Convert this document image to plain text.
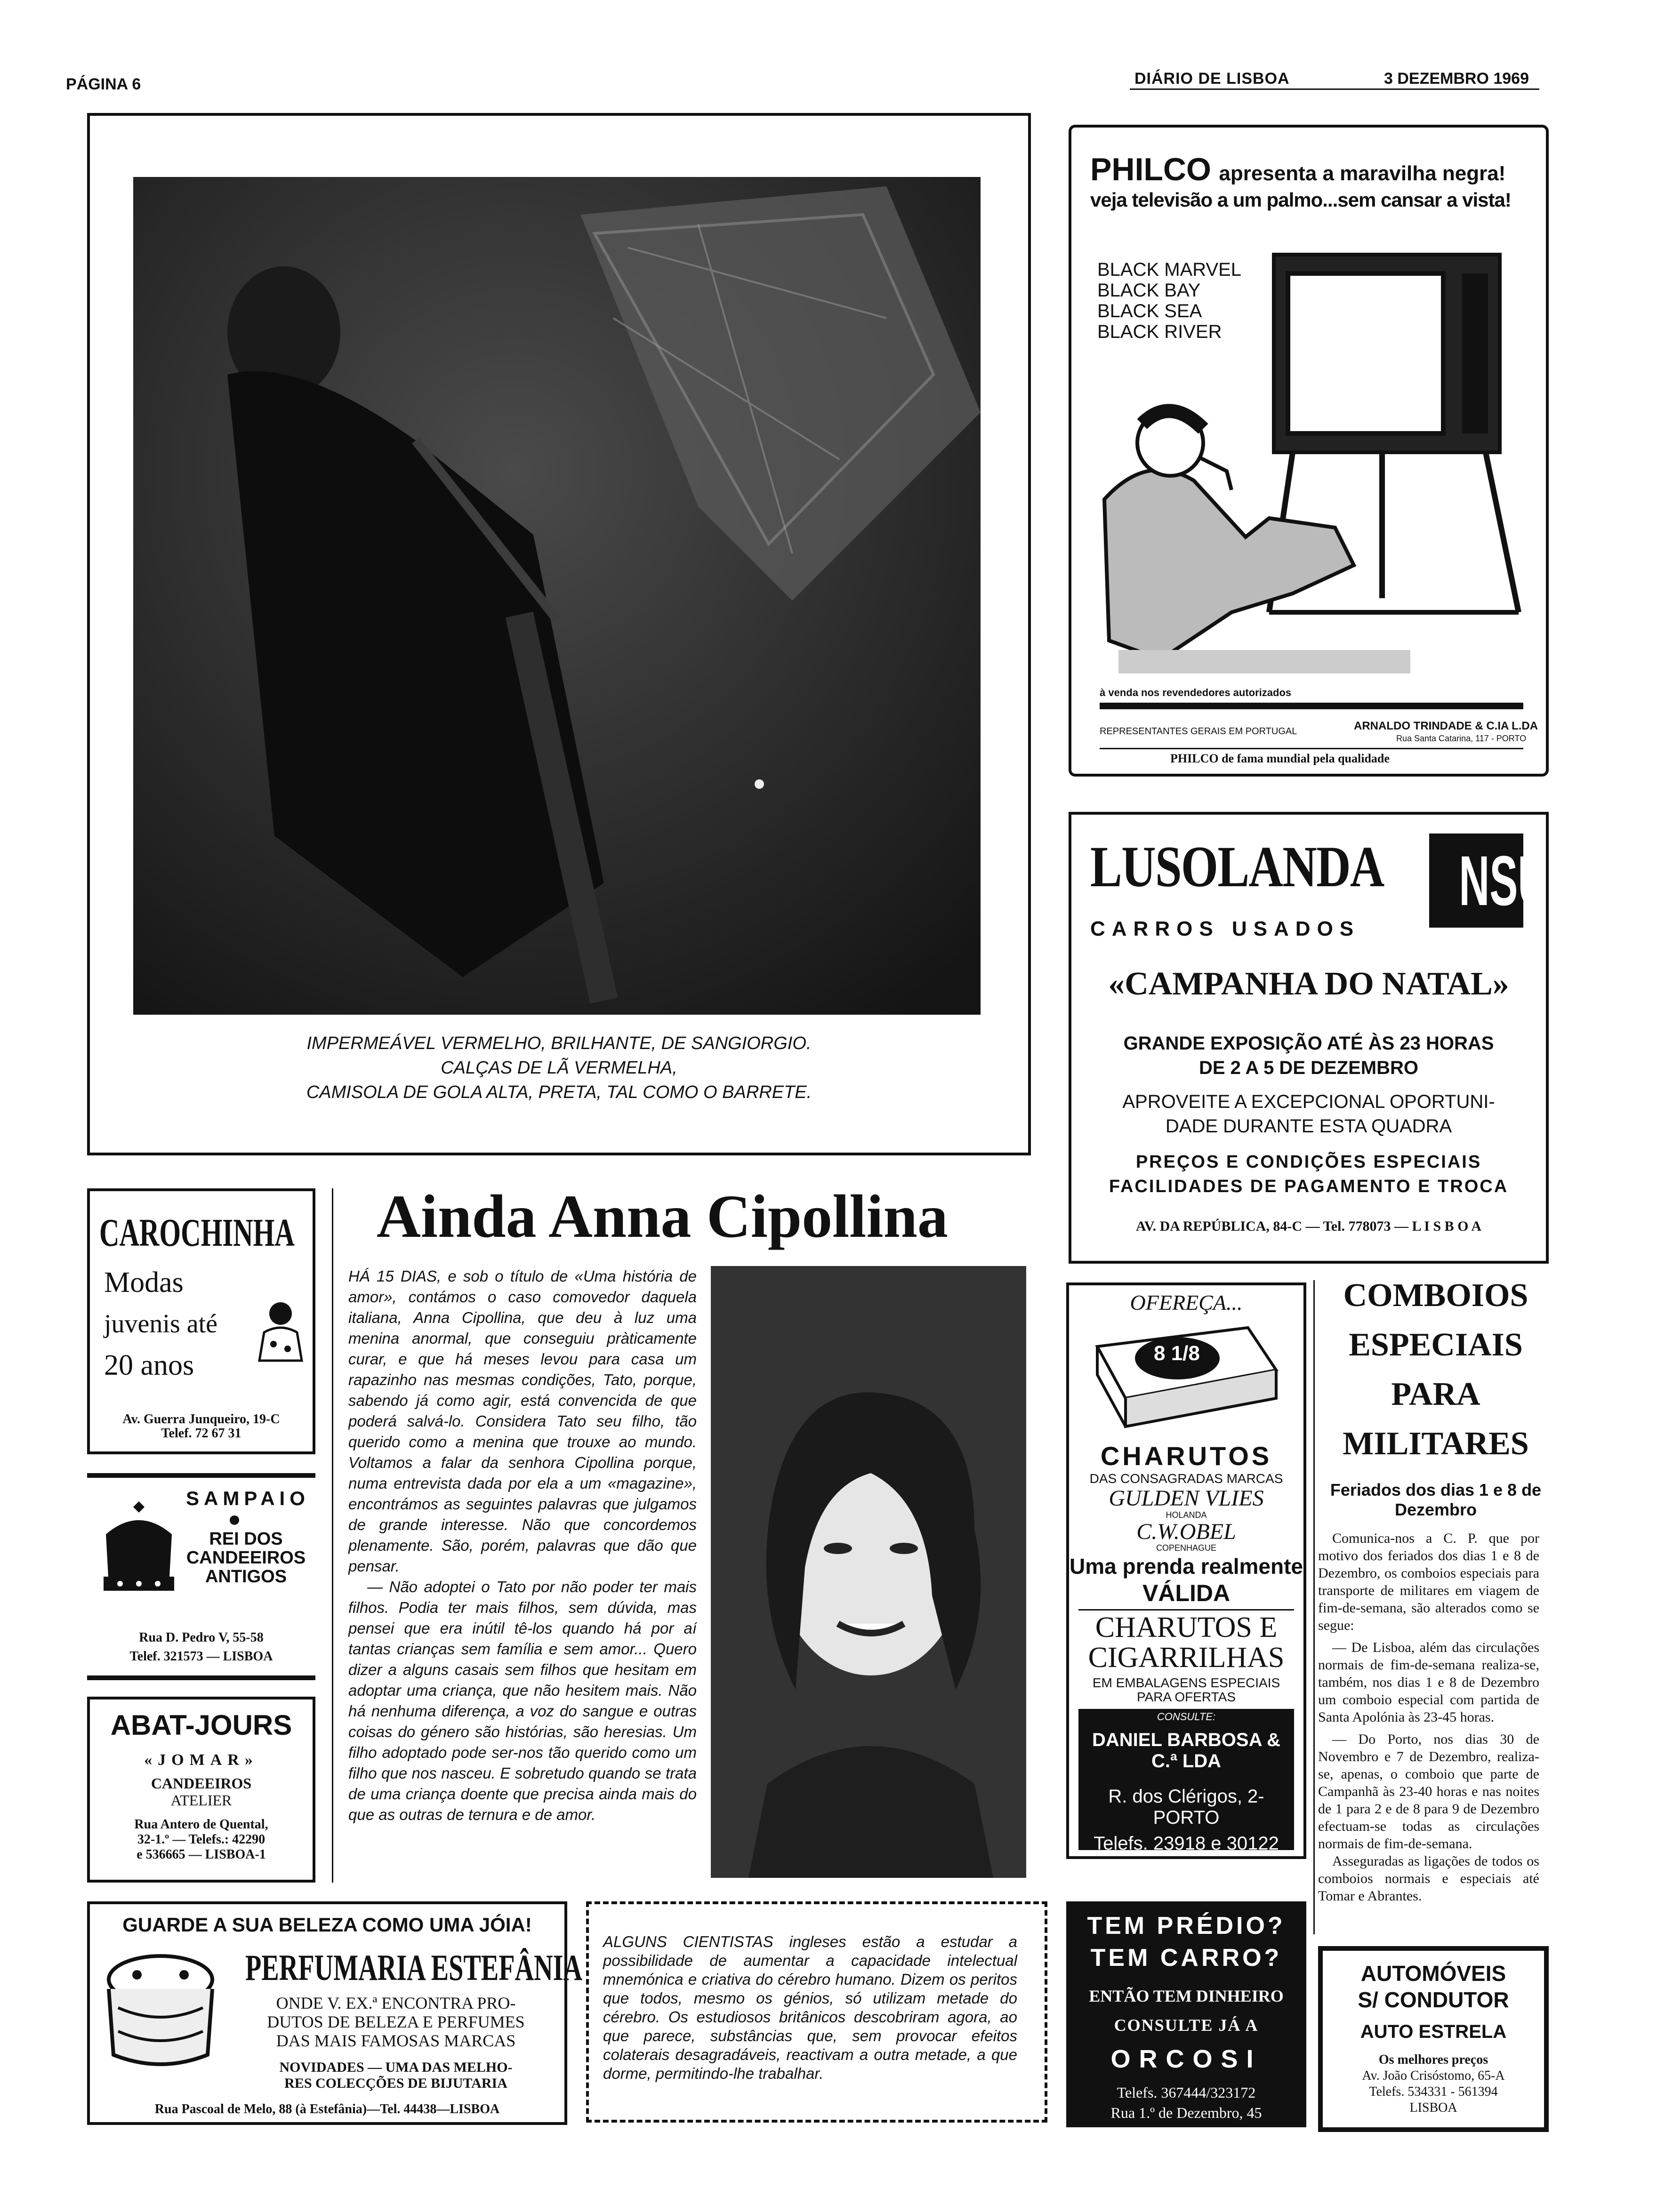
PÁGINA 6	DIÁRIO DE LISBOA	3 DEZEMBRO 1969
IMPERMEÁVEL VERMELHO, BRILHANTE, DE SANGIORGIO.
CALÇAS DE LÃ VERMELHA,
CAMISOLA DE GOLA ALTA, PRETA, TAL COMO O BARRETE.
PHILCO apresenta a maravilha negra!
veja televisão a um palmo...sem cansar a vista!
BLACK MARVEL
BLACK BAY
BLACK SEA
BLACK RIVER
à venda nos revendedores autorizados
REPRESENTANTES GERAIS EM PORTUGAL	ARNALDO TRINDADE & C.IA L.DA
Rua Santa Catarina, 117 - PORTO
PHILCO de fama mundial pela qualidade
LUSOLANDA	NSU
CARROS USADOS
«CAMPANHA DO NATAL»
GRANDE EXPOSIÇÃO ATÉ ÀS 23 HORAS
DE 2 A 5 DE DEZEMBRO
APROVEITE A EXCEPCIONAL OPORTUNI-
DADE DURANTE ESTA QUADRA
PREÇOS E CONDIÇÕES ESPECIAIS
FACILIDADES DE PAGAMENTO E TROCA
AV. DA REPÚBLICA, 84-C — Tel. 778073 — L I S B O A
CAROCHINHA
Modas
juvenis até
20 anos
Av. Guerra Junqueiro, 19-C
Telef. 72 67 31
SAMPAIO
REI DOS
CANDEEIROS
ANTIGOS
Rua D. Pedro V, 55-58
Telef. 321573 — LISBOA
ABAT-JOURS
«JOMAR»
CANDEEIROS
ATELIER
Rua Antero de Quental,
32-1.º — Telefs.: 42290
e 536665 — LISBOA-1
Ainda Anna Cipollina

HÁ 15 DIAS, e sob o título de «Uma história de amor», contámos o caso comovedor daquela italiana, Anna Cipollina, que deu à luz uma menina anormal, que conseguiu pràticamente curar, e que há meses levou para casa um rapazinho nas mesmas condições, Tato, porque, sabendo já como agir, está convencida de que poderá salvá-lo. Considera Tato seu filho, tão querido como a menina que trouxe ao mundo. Voltamos a falar da senhora Cipollina porque, numa entrevista dada por ela a um «magazine», encontrámos as seguintes palavras que julgamos de grande interesse. Não que concordemos plenamente. São, porém, palavras que dão que pensar.

— Não adoptei o Tato por não poder ter mais filhos. Podia ter mais filhos, sem dúvida, mas pensei que era inútil tê-los quando há por aí tantas crianças sem família e sem amor... Quero dizer a alguns casais sem filhos que hesitam em adoptar uma criança, que não hesitem mais. Não há nenhuma diferença, a voz do sangue e outras coisas do género são histórias, são heresias. Um filho adoptado pode ser-nos tão querido como um filho que nos nasceu. E sobretudo quando se trata de uma criança doente que precisa ainda mais do que as outras de ternura e de amor.

OFEREÇA...
8 1/8
CHARUTOS
DAS CONSAGRADAS MARCAS
GULDEN VLIES
HOLANDA
C.W.OBEL
COPENHAGUE
Uma prenda realmente
VÁLIDA
CHARUTOS E
CIGARRILHAS
EM EMBALAGENS ESPECIAIS
PARA OFERTAS
CONSULTE:
DANIEL BARBOSA & C.ª LDA
R. dos Clérigos, 2-PORTO
Telefs. 23918 e 30122
COMBOIOS
ESPECIAIS
PARA
MILITARES
Feriados dos dias 1 e 8 de Dezembro

Comunica-nos a C. P. que por motivo dos feriados dos dias 1 e 8 de Dezembro, os comboios especiais para transporte de militares em viagem de fim-de-semana, são alterados como se segue:

— De Lisboa, além das circulações normais de fim-de-semana realiza-se, também, nos dias 1 e 8 de Dezembro um comboio especial com partida de Santa Apolónia às 23-45 horas.

— Do Porto, nos dias 30 de Novembro e 7 de Dezembro, realiza-se, apenas, o comboio que parte de Campanhã às 23-40 horas e nas noites de 1 para 2 e de 8 para 9 de Dezembro efectuam-se todas as circulações normais de fim-de-semana.

Asseguradas as ligações de todos os comboios normais e especiais até Tomar e Abrantes.

GUARDE A SUA BELEZA COMO UMA JÓIA!
PERFUMARIA ESTEFÂNIA
ONDE V. EX.ª ENCONTRA PRO-
DUTOS DE BELEZA E PERFUMES
DAS MAIS FAMOSAS MARCAS
NOVIDADES — UMA DAS MELHO-
RES COLECÇÕES DE BIJUTARIA
Rua Pascoal de Melo, 88 (à Estefânia)—Tel. 44438—LISBOA

ALGUNS CIENTISTAS ingleses estão a estudar a possibilidade de aumentar a capacidade intelectual mnemónica e criativa do cérebro humano. Dizem os peritos que todos, mesmo os génios, só utilizam metade do cérebro. Os estudiosos britânicos descobriram agora, ao que parece, substâncias que, sem provocar efeitos colaterais desagradáveis, reactivam a outra metade, a que dorme, permitindo-lhe trabalhar.

TEM PRÉDIO?
TEM CARRO?
ENTÃO TEM DINHEIRO
CONSULTE JÁ A
ORCOSI
Telefs. 367444/323172
Rua 1.º de Dezembro, 45
AUTOMÓVEIS
S/ CONDUTOR
AUTO ESTRELA
Os melhores preços
Av. João Crisóstomo, 65-A
Telefs. 534331 - 561394
LISBOA
